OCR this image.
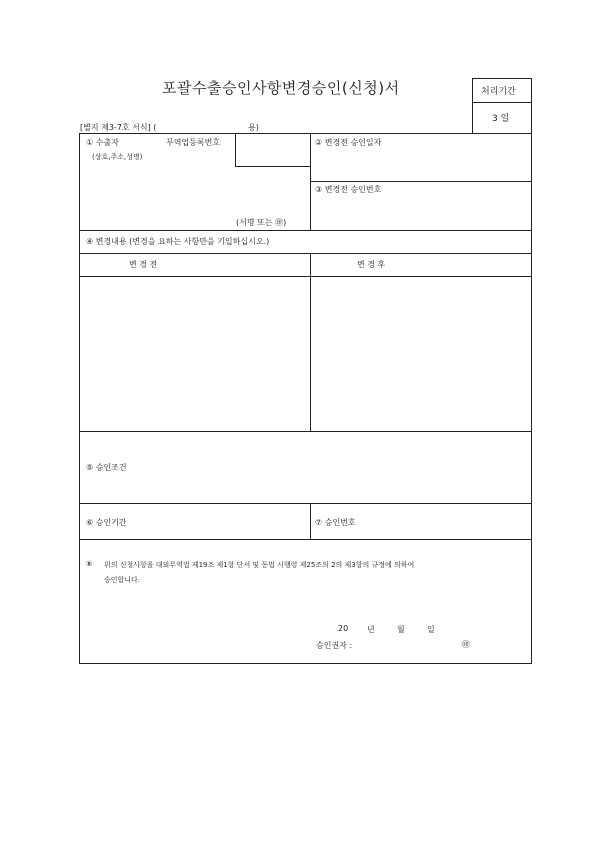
포괄수출승인사항변경승인(신청)서	처리기간
3 일
[별지 제3-7호 서식] (	용)
① 수출자	무역업등록번호
(상호,주소,성명)
(서명 또는 ㊞)
② 변경전 승인일자
③ 변경전 승인번호
④ 변경내용 (변경을 요하는 사항만을 기입하십시오.)
변 경 전	변 경 후
⑤ 승인조건
⑥ 승인기간	⑦ 승인번호
⑧ 위의 신청사항을 대외무역법 제19조 제1항 단서 및 동법 시행령 제25조의 2의 제3항의 규정에 의하여
승인합니다.
20 년	월	일
승인권자 :	㊞
